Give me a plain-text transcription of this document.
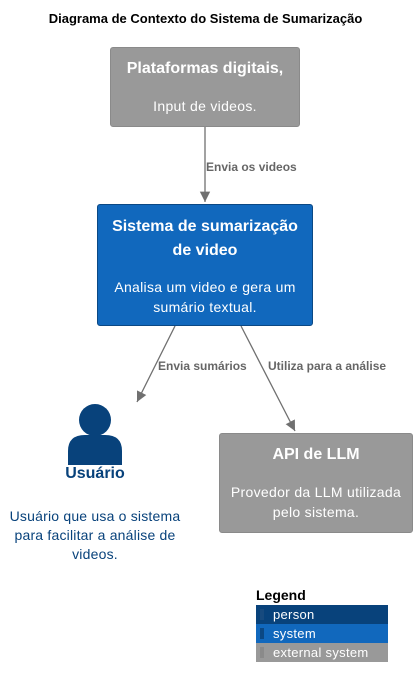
Diagrama de Contexto do Sistema de Sumarização
Plataformas digitais,
Input de videos.
Envia os videos
Sistema de sumarização
de video
Analisa um video e gera um
sumário textual.
Envia sumários Utiliza para a análise
Usuário
Usuário que usa o sistema
para facilitar a análise de
videos.
API de LLM
Provedor da LLM utilizada
pelo sistema.
Legend
person
system
external system
